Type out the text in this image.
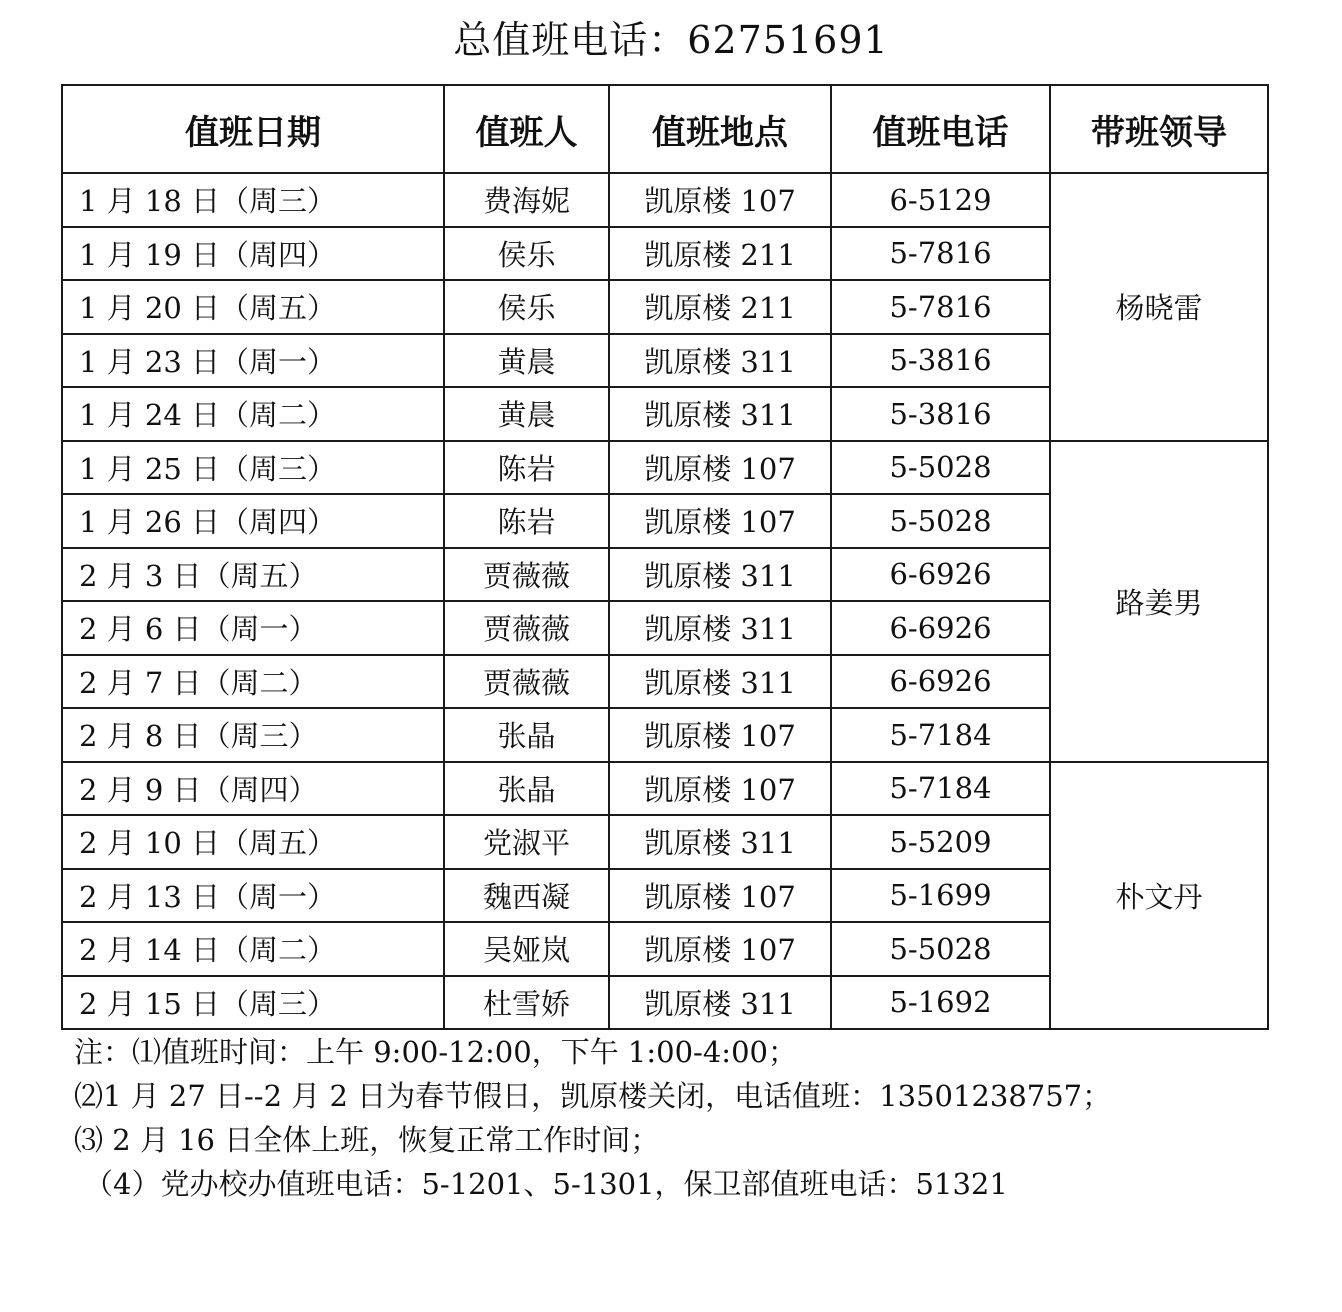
总值班电话：62751691
值班日期	值班人	值班地点	值班电话	带班领导
1 月 18 日（周三）	费海妮	凯原楼 107	6-5129	杨晓雷
1 月 19 日（周四）	侯乐	凯原楼 211	5-7816	
1 月 20 日（周五）	侯乐	凯原楼 211	5-7816	
1 月 23 日（周一）	黄晨	凯原楼 311	5-3816	
1 月 24 日（周二）	黄晨	凯原楼 311	5-3816	
1 月 25 日（周三）	陈岩	凯原楼 107	5-5028	路姜男
1 月 26 日（周四）	陈岩	凯原楼 107	5-5028	
2 月 3 日（周五）	贾薇薇	凯原楼 311	6-6926	
2 月 6 日（周一）	贾薇薇	凯原楼 311	6-6926	
2 月 7 日（周二）	贾薇薇	凯原楼 311	6-6926	
2 月 8 日（周三）	张晶	凯原楼 107	5-7184	
2 月 9 日（周四）	张晶	凯原楼 107	5-7184	朴文丹
2 月 10 日（周五）	党淑平	凯原楼 311	5-5209	
2 月 13 日（周一）	魏西凝	凯原楼 107	5-1699	
2 月 14 日（周二）	吴娅岚	凯原楼 107	5-5028	
2 月 15 日（周三）	杜雪娇	凯原楼 311	5-1692	
注：⑴值班时间：上午 9:00-12:00，下午 1:00-4:00；
⑵1 月 27 日--2 月 2 日为春节假日，凯原楼关闭，电话值班：13501238757；
⑶ 2 月 16 日全体上班，恢复正常工作时间；
（4）党办校办值班电话：5-1201、5-1301，保卫部值班电话：51321
